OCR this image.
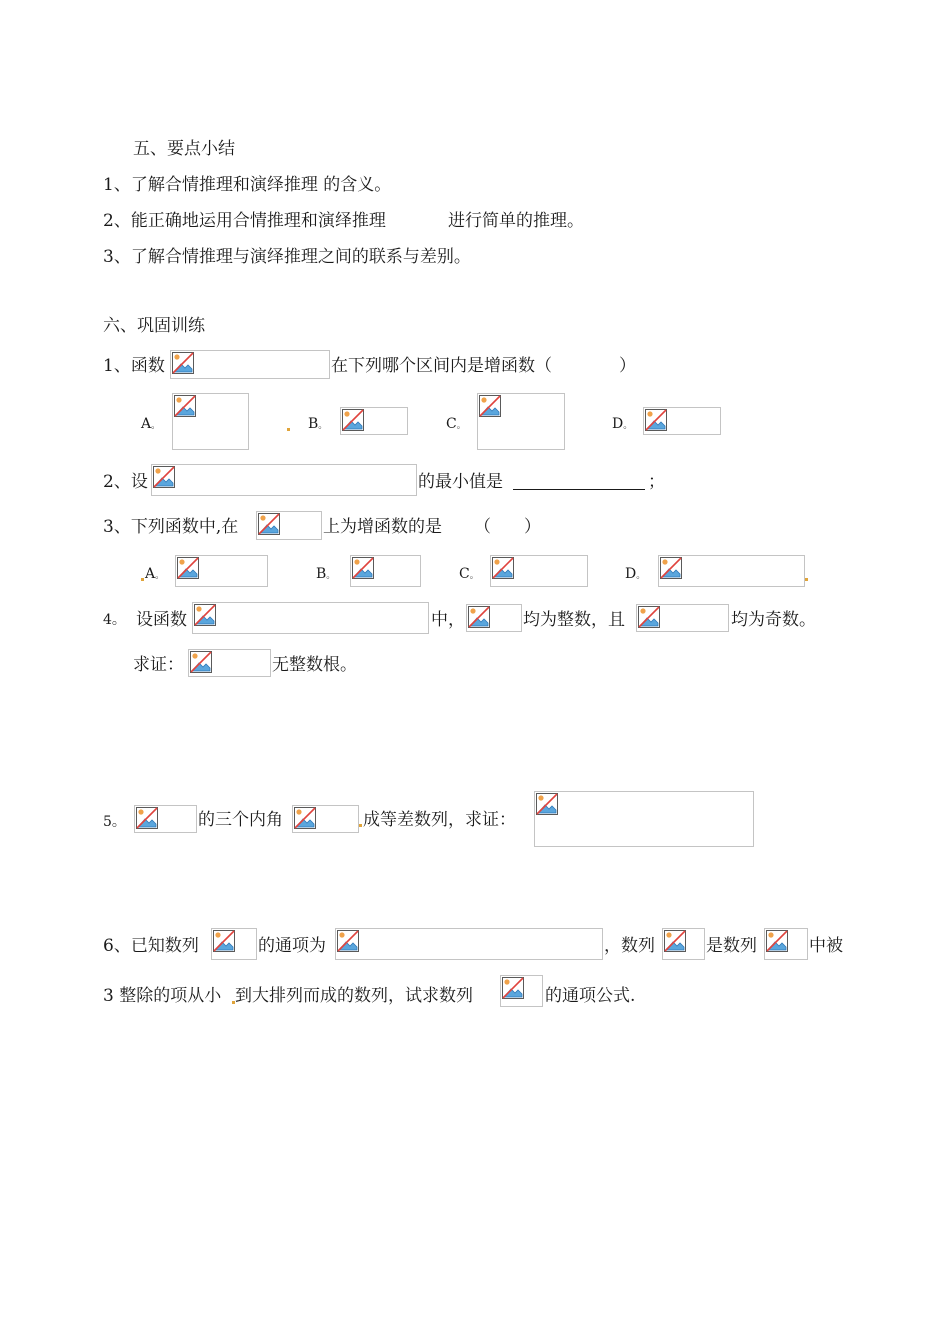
五、要点小结
1、了解合情推理和演绎推理 的含义。
2、能正确地运用合情推理和演绎推理	进行简单的推理。
3、了解合情推理与演绎推理之间的联系与差别。
六、巩固训练
1、函数	在下列哪个区间内是增函数（	）
A。	B。	C。	D。
2、设	的最小值是	；
3、下列函数中,在	上为增函数的是 （ ）
A。	B。	C。	D。
4。 设函数	中，	均为整数，且	均为奇数。
求证：	无整数根。
5。	的三个内角	成等差数列，求证：
6、已知数列	的通项为	，数列	是数列	中被
3 整除的项从小 到大排列而成的数列，试求数列	的通项公式.
